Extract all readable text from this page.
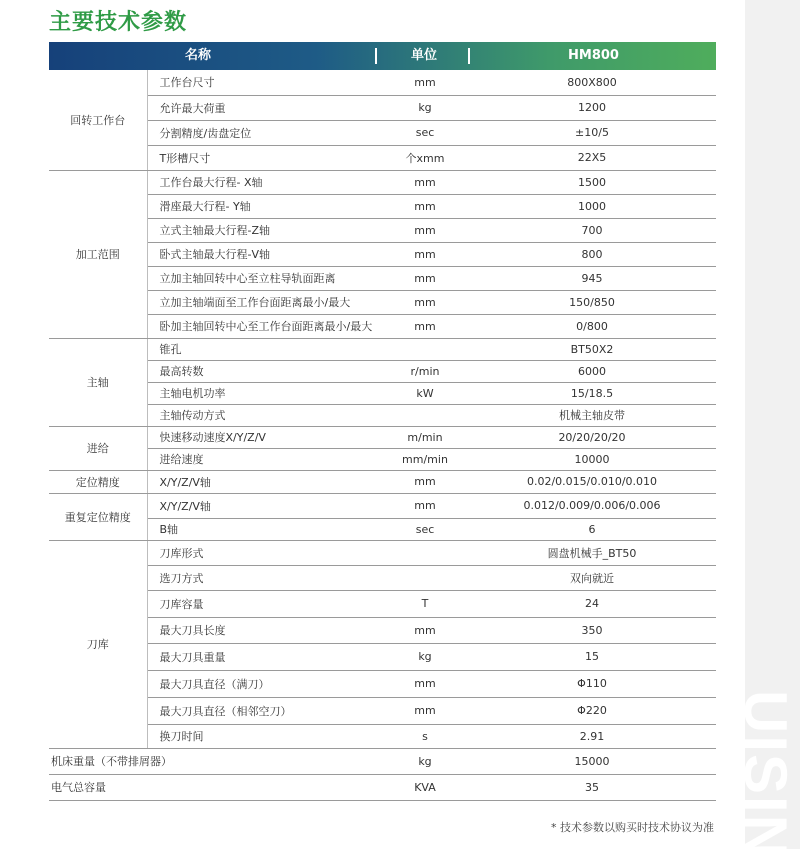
UISIN
主要技术参数
名称	单位	HM800
回转工作台	工作台尺寸	mm	800X800
	允许最大荷重	kg	1200
	分割精度/齿盘定位	sec	±10/5
	T形槽尺寸	个xmm	22X5
加工范围	工作台最大行程- X轴	mm	1500
	滑座最大行程- Y轴	mm	1000
	立式主轴最大行程-Z轴	mm	700
	卧式主轴最大行程-V轴	mm	800
	立加主轴回转中心至立柱导轨面距离	mm	945
	立加主轴端面至工作台面距离最小/最大	mm	150/850
	卧加主轴回转中心至工作台面距离最小/最大	mm	0/800
主轴	锥孔		BT50X2
	最高转数	r/min	6000
	主轴电机功率	kW	15/18.5
	主轴传动方式		机械主轴皮带
进给	快速移动速度X/Y/Z/V	m/min	20/20/20/20
	进给速度	mm/min	10000
定位精度	X/Y/Z/V轴	mm	0.02/0.015/0.010/0.010
重复定位精度	X/Y/Z/V轴	mm	0.012/0.009/0.006/0.006
	B轴	sec	6
刀库	刀库形式		圆盘机械手_BT50
	选刀方式		双向就近
	刀库容量	T	24
	最大刀具长度	mm	350
	最大刀具重量	kg	15
	最大刀具直径（满刀）	mm	Φ110
	最大刀具直径（相邻空刀）	mm	Φ220
	换刀时间	s	2.91
机床重量（不带排屑器）		kg	15000
电气总容量		KVA	35
* 技术参数以购买时技术协议为准
